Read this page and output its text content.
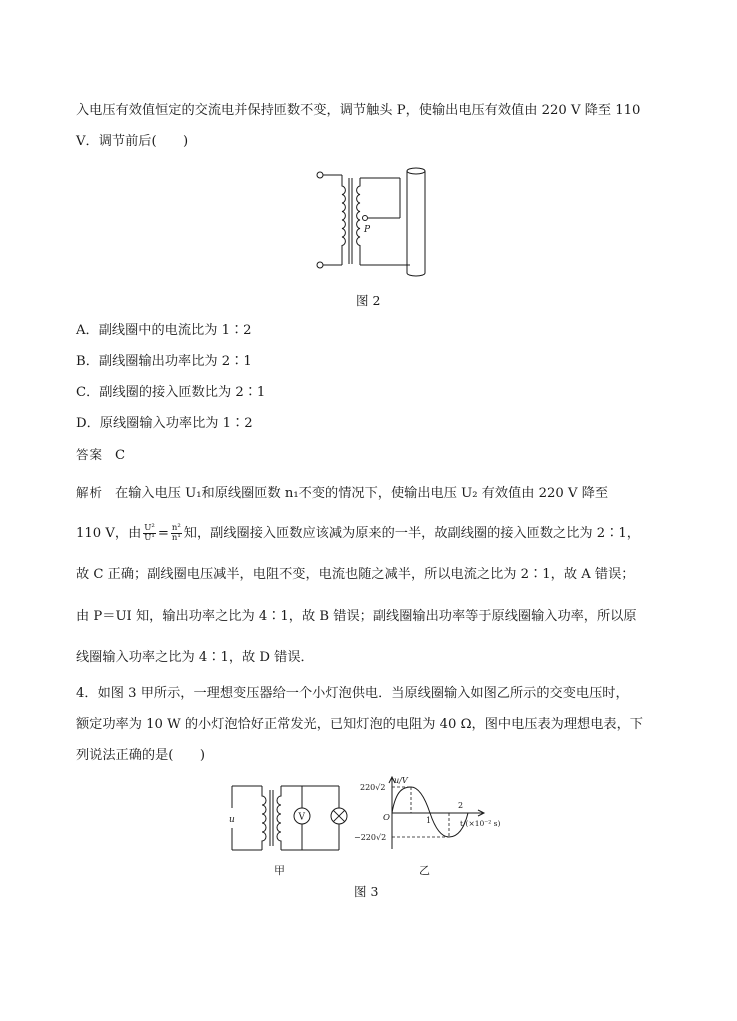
入电压有效值恒定的交流电并保持匝数不变，调节触头 P，使输出电压有效值由 220 V 降至 110
V．调节前后(　　)
P
图 2
A．副线圈中的电流比为 1∶2
B．副线圈输出功率比为 2∶1
C．副线圈的接入匝数比为 2∶1
D．原线圈输入功率比为 1∶2
答案 C
解析 在输入电压 U₁和原线圈匝数 n₁不变的情况下，使输出电压 U₂ 有效值由 220 V 降至
110 V，由 $\frac{\text{U²}}{\text{U¹}} = \frac{\text{n²}}{\text{n¹}}$ 知，副线圈接入匝数应该减为原来的一半，故副线圈的接入匝数之比为 2∶1，
故 C 正确；副线圈电压减半，电阻不变，电流也随之减半，所以电流之比为 2∶1，故 A 错误；
由 P＝UI 知，输出功率之比为 4∶1，故 B 错误；副线圈输出功率等于原线圈输入功率，所以原
线圈输入功率之比为 4∶1，故 D 错误．
4．如图 3 甲所示，一理想变压器给一个小灯泡供电．当原线圈输入如图乙所示的交变电压时，
额定功率为 10 W 的小灯泡恰好正常发光，已知灯泡的电阻为 40 Ω，图中电压表为理想电表，下
列说法正确的是(　　)
u	V
甲
u/V
t/(×10⁻² s)
O
220√2
−220√2
1
2
乙
图 3
